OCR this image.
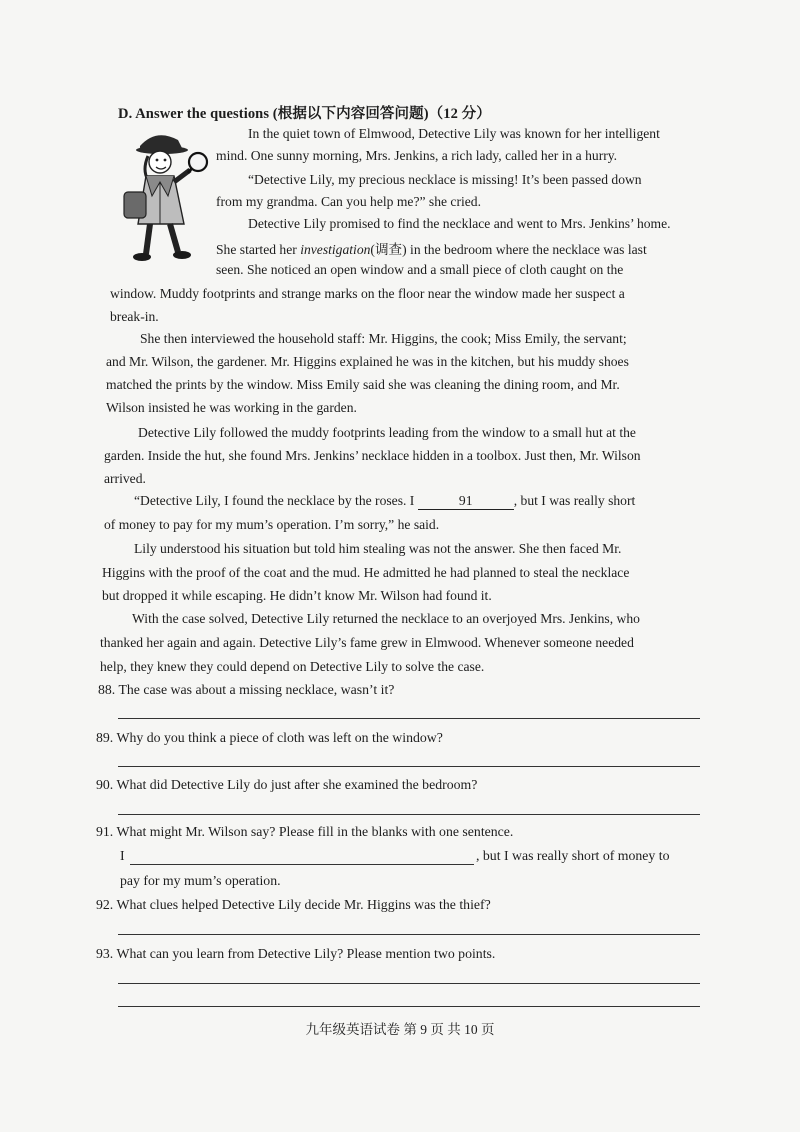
D. Answer the questions (根据以下内容回答问题)（12 分）
In the quiet town of Elmwood, Detective Lily was known for her intelligent
mind. One sunny morning, Mrs. Jenkins, a rich lady, called her in a hurry.
“Detective Lily, my precious necklace is missing! It’s been passed down
from my grandma. Can you help me?” she cried.
Detective Lily promised to find the necklace and went to Mrs. Jenkins’ home.
She started her investigation(调查) in the bedroom where the necklace was last
seen. She noticed an open window and a small piece of cloth caught on the
window. Muddy footprints and strange marks on the floor near the window made her suspect a
break-in.
She then interviewed the household staff: Mr. Higgins, the cook; Miss Emily, the servant;
and Mr. Wilson, the gardener. Mr. Higgins explained he was in the kitchen, but his muddy shoes
matched the prints by the window. Miss Emily said she was cleaning the dining room, and Mr.
Wilson insisted he was working in the garden.
Detective Lily followed the muddy footprints leading from the window to a small hut at the
garden. Inside the hut, she found Mrs. Jenkins’ necklace hidden in a toolbox. Just then, Mr. Wilson
arrived.
“Detective Lily, I found the necklace by the roses. I	91	, but I was really short
of money to pay for my mum’s operation. I’m sorry,” he said.
Lily understood his situation but told him stealing was not the answer. She then faced Mr.
Higgins with the proof of the coat and the mud. He admitted he had planned to steal the necklace
but dropped it while escaping. He didn’t know Mr. Wilson had found it.
With the case solved, Detective Lily returned the necklace to an overjoyed Mrs. Jenkins, who
thanked her again and again. Detective Lily’s fame grew in Elmwood. Whenever someone needed
help, they knew they could depend on Detective Lily to solve the case.
88. The case was about a missing necklace, wasn’t it?
89. Why do you think a piece of cloth was left on the window?
90. What did Detective Lily do just after she examined the bedroom?
91. What might Mr. Wilson say? Please fill in the blanks with one sentence.
I	, but I was really short of money to
pay for my mum’s operation.
92. What clues helped Detective Lily decide Mr. Higgins was the thief?
93. What can you learn from Detective Lily? Please mention two points.
九年级英语试卷 第 9 页 共 10 页
